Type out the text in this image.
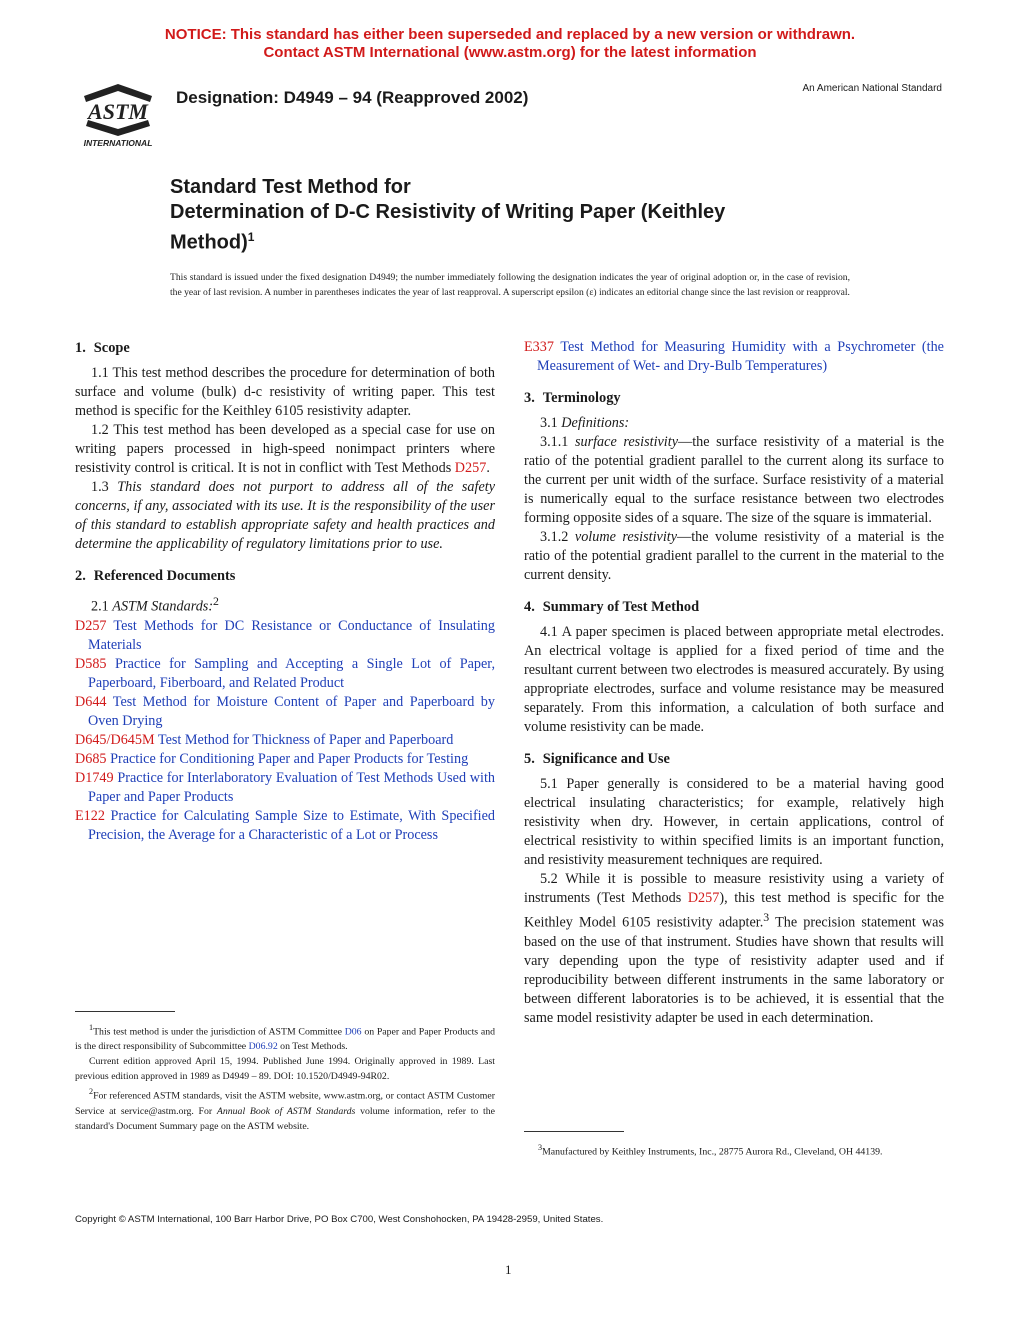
NOTICE: This standard has either been superseded and replaced by a new version or withdrawn.
Contact ASTM International (www.astm.org) for the latest information
ASTM
INTERNATIONAL
Designation: D4949 – 94 (Reapproved 2002)	An American National Standard
Standard Test Method for
Determination of D-C Resistivity of Writing Paper (Keithley
Method)$^1$
This standard is issued under the fixed designation D4949; the number immediately following the designation indicates the year of original adoption or, in the case of revision, the year of last revision. A number in parentheses indicates the year of last reapproval. A superscript epsilon (ε) indicates an editorial change since the last revision or reapproval.
1. Scope

1.1 This test method describes the procedure for determination of both surface and volume (bulk) d-c resistivity of writing paper. This test method is specific for the Keithley 6105 resistivity adapter.

1.2 This test method has been developed as a special case for use on writing papers processed in high-speed nonimpact printers where resistivity control is critical. It is not in conflict with Test Methods D257.

1.3 This standard does not purport to address all of the safety concerns, if any, associated with its use. It is the responsibility of the user of this standard to establish appropriate safety and health practices and determine the applicability of regulatory limitations prior to use.

2. Referenced Documents

2.1 ASTM Standards:$^2$

D257 Test Methods for DC Resistance or Conductance of Insulating Materials
D585 Practice for Sampling and Accepting a Single Lot of Paper, Paperboard, Fiberboard, and Related Product
D644 Test Method for Moisture Content of Paper and Paperboard by Oven Drying
D645/D645M Test Method for Thickness of Paper and Paperboard
D685 Practice for Conditioning Paper and Paper Products for Testing
D1749 Practice for Interlaboratory Evaluation of Test Methods Used with Paper and Paper Products
E122 Practice for Calculating Sample Size to Estimate, With Specified Precision, the Average for a Characteristic of a Lot or Process
E337 Test Method for Measuring Humidity with a Psychrometer (the Measurement of Wet- and Dry-Bulb Temperatures)
3. Terminology

3.1 Definitions:

3.1.1 surface resistivity—the surface resistivity of a material is the ratio of the potential gradient parallel to the current along its surface to the current per unit width of the surface. Surface resistivity of a material is numerically equal to the surface resistance between two electrodes forming opposite sides of a square. The size of the square is immaterial.

3.1.2 volume resistivity—the volume resistivity of a material is the ratio of the potential gradient parallel to the current in the material to the current density.

4. Summary of Test Method

4.1 A paper specimen is placed between appropriate metal electrodes. An electrical voltage is applied for a fixed period of time and the resultant current between two electrodes is measured accurately. By using appropriate electrodes, surface and volume resistance may be measured separately. From this information, a calculation of both surface and volume resistivity can be made.

5. Significance and Use

5.1 Paper generally is considered to be a material having good electrical insulating characteristics; for example, relatively high resistivity when dry. However, in certain applications, control of electrical resistivity to within specified limits is an important function, and resistivity measurement techniques are required.

5.2 While it is possible to measure resistivity using a variety of instruments (Test Methods D257), this test method is specific for the Keithley Model 6105 resistivity adapter.$^3$ The precision statement was based on the use of that instrument. Studies have shown that results will vary depending upon the type of resistivity adapter used and if reproducibility between different instruments in the same laboratory or between different laboratories is to be achieved, it is essential that the same model resistivity adapter be used in each determination.

$^1$This test method is under the jurisdiction of ASTM Committee D06 on Paper and Paper Products and is the direct responsibility of Subcommittee D06.92 on Test Methods.

Current edition approved April 15, 1994. Published June 1994. Originally approved in 1989. Last previous edition approved in 1989 as D4949 – 89. DOI: 10.1520/D4949-94R02.

$^2$For referenced ASTM standards, visit the ASTM website, www.astm.org, or contact ASTM Customer Service at service@astm.org. For Annual Book of ASTM Standards volume information, refer to the standard's Document Summary page on the ASTM website.

$^3$Manufactured by Keithley Instruments, Inc., 28775 Aurora Rd., Cleveland, OH 44139.

Copyright © ASTM International, 100 Barr Harbor Drive, PO Box C700, West Conshohocken, PA 19428-2959, United States.
1
